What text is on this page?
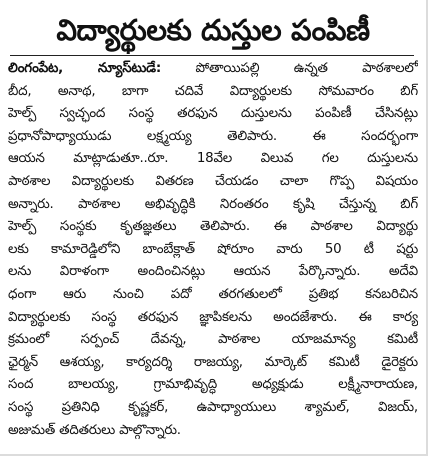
విద్యార్థులకు దుస్తుల పంపిణీ
లింగంపేట, న్యూస్‌టుడే:	పోతాయిపల్లి ఉన్నత పాఠశాలలో
బీద, అనాథ, బాగా చదివే విద్యార్థులకు సోమవారం బిగ్
హెల్ప్ స్వచ్ఛంద సంస్థ తరఫున దుస్తులను పంపిణీ చేసినట్లు
ప్రధానోపాధ్యాయుడు లక్ష్మయ్య తెలిపారు. ఈ సందర్భంగా
ఆయన మాట్లాడుతూ..రూ. 18వేల విలువ గల దుస్తులను
పాఠశాల విద్యార్థులకు వితరణ చేయడం చాలా గొప్ప విషయం
అన్నారు. పాఠశాల అభివృద్ధికి నిరంతరం కృషి చేస్తున్న బిగ్
హెల్ప్ సంస్థకు కృతజ్ఞతలు తెలిపారు. ఈ పాఠశాల విద్యార్థు
లకు కామారెడ్డిలోని బాంబేక్లాత్ షోరూం వారు 50 టీ షర్టు
లను విరాళంగా అందించినట్లు ఆయన పేర్కొన్నారు. అదేవి
ధంగా ఆరు నుంచి పదో తరగతులలో ప్రతిభ కనబరిచిన
విద్యార్థులకు సంస్థ తరఫున జ్ఞాపికలను అందజేశారు. ఈ కార్య
క్రమంలో సర్పంచ్ దేవన్న, పాఠశాల యాజమాన్య కమిటీ
ఛైర్మన్ ఆశయ్య, కార్యదర్శి రాజయ్య, మార్కెట్ కమిటీ డైరెక్టరు
సంద బాలయ్య, గ్రామాభివృద్ధి అధ్యక్షుడు లక్ష్మీనారాయణ,
సంస్థ ప్రతినిధి కృష్ణకర్, ఉపాధ్యాయులు శ్యామల్, విజయ్,
అజుమత్ తదితరులు పాల్గొన్నారు.
